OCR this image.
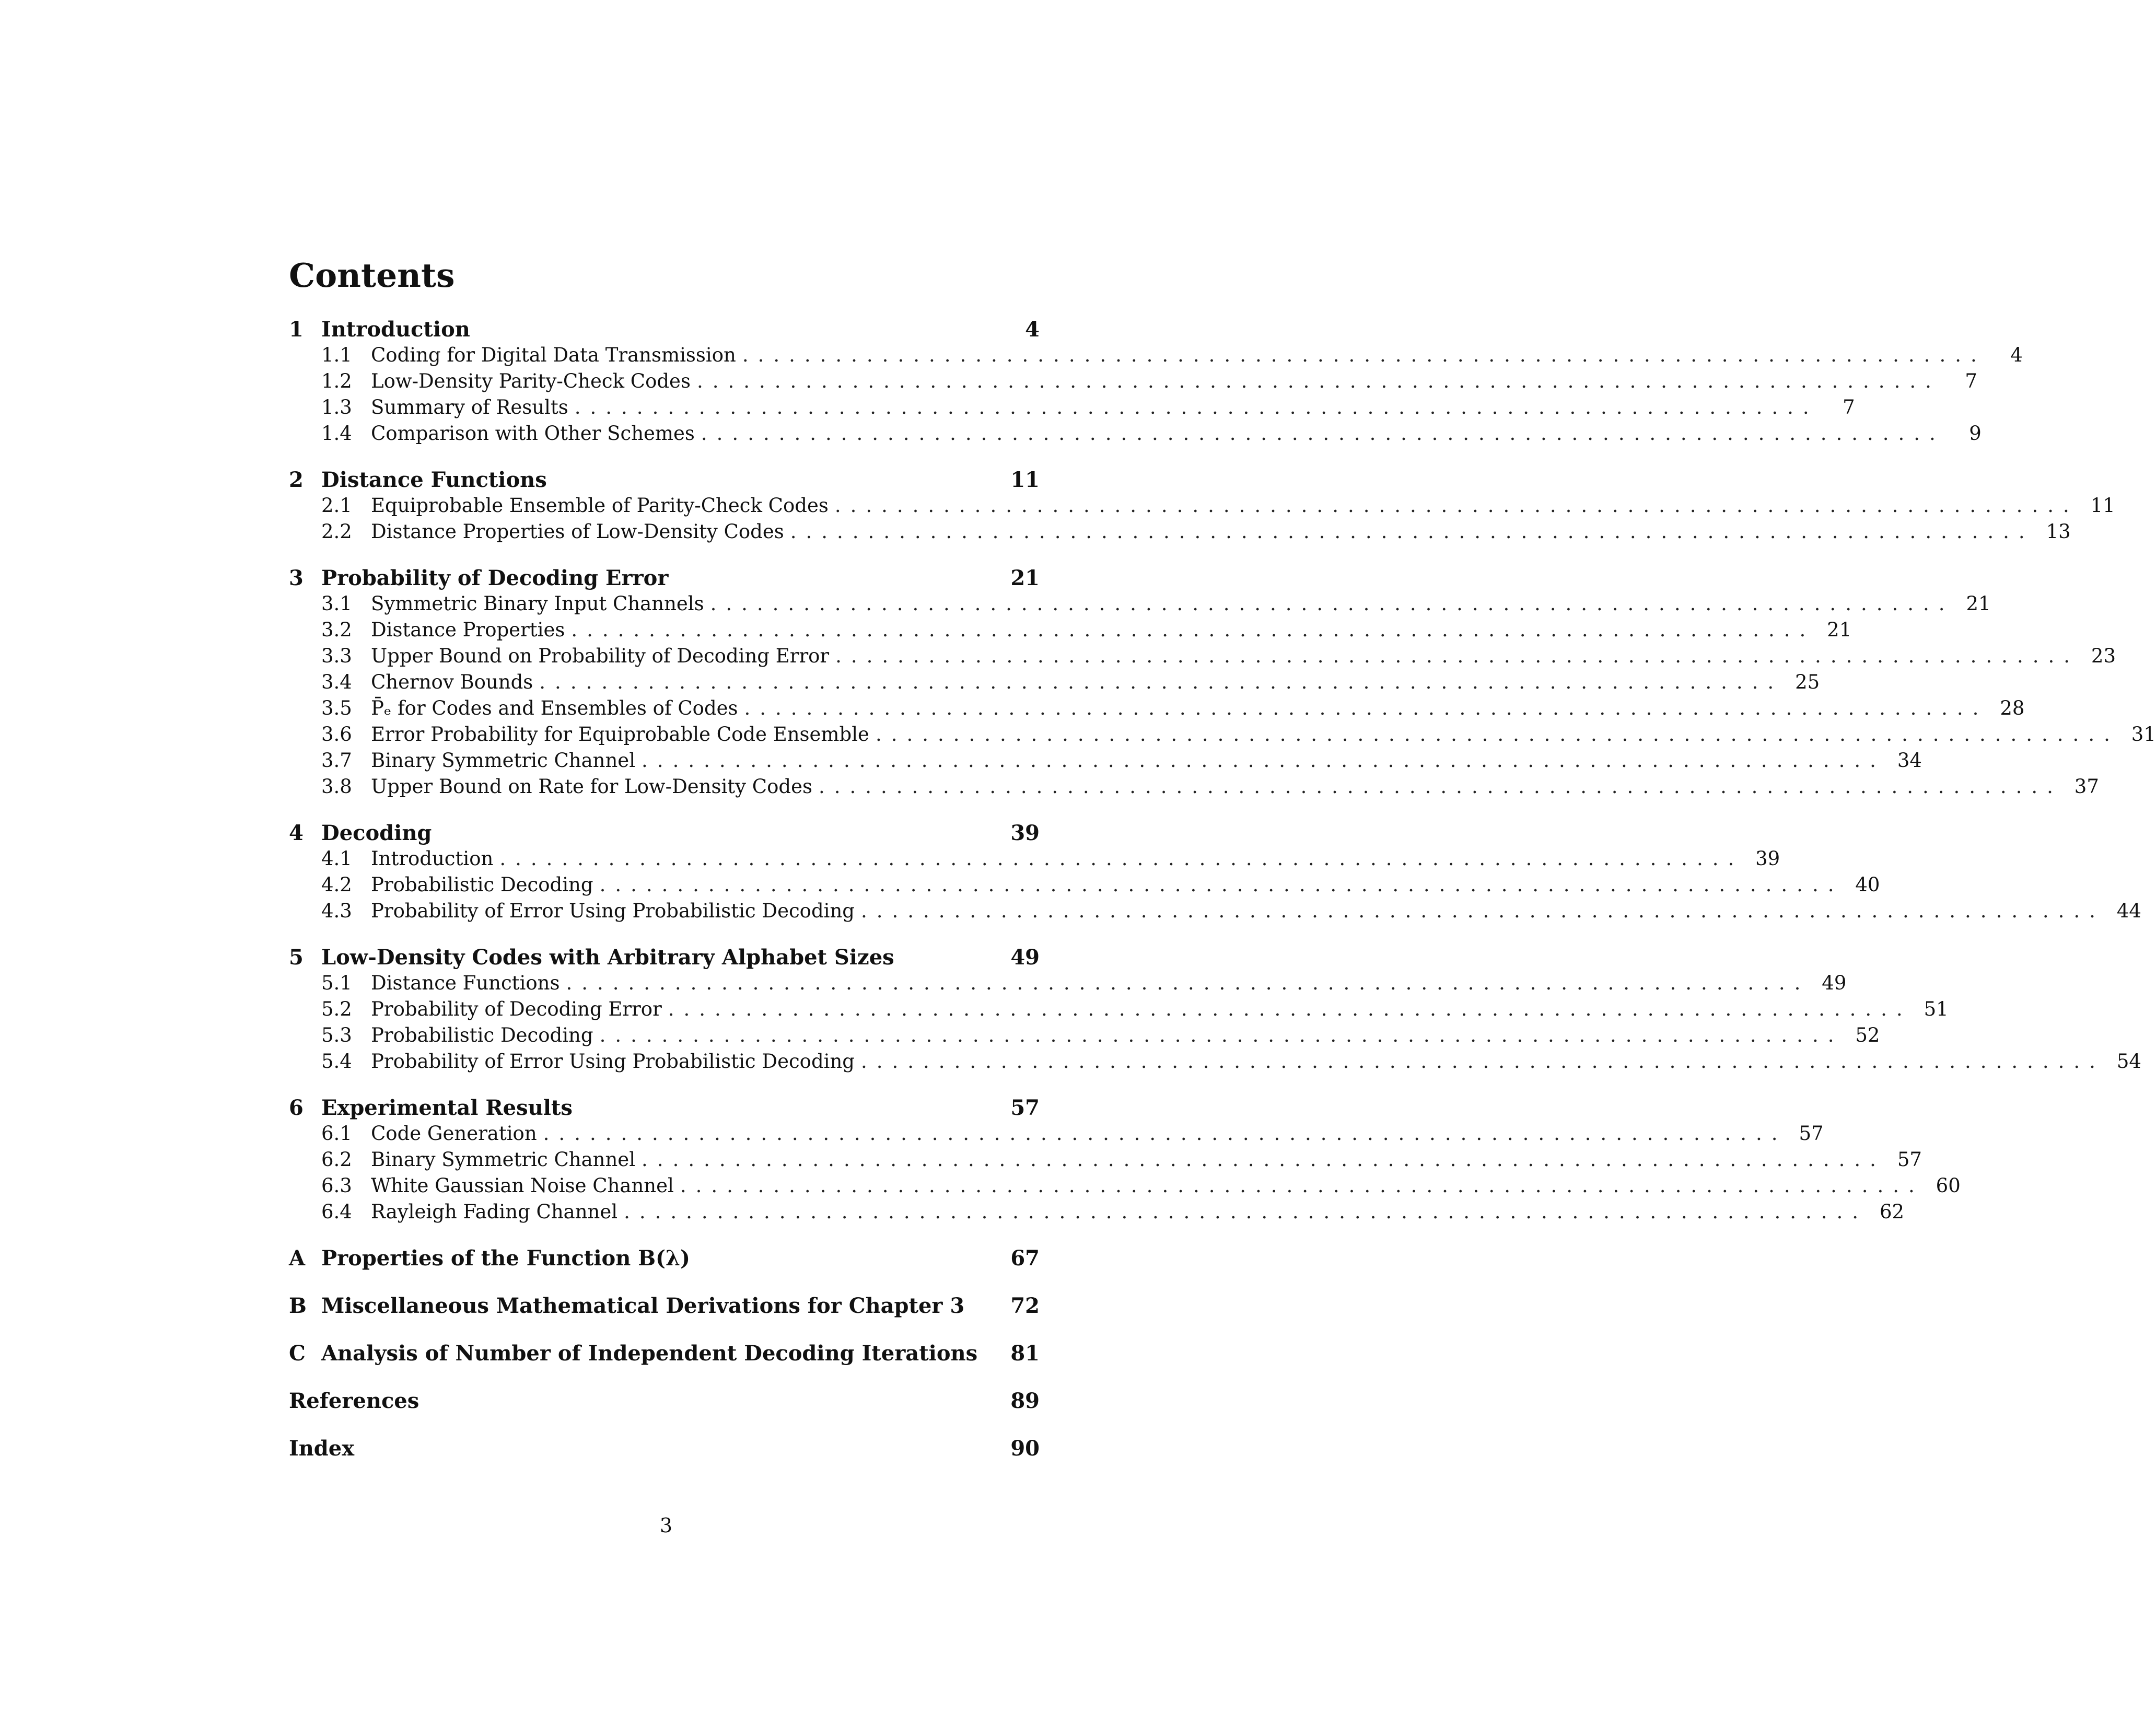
Contents
1 Introduction	4
1.1 Coding for Digital Data Transmission ................................................................................	4
1.2 Low-Density Parity-Check Codes ................................................................................	7
1.3 Summary of Results ................................................................................	7
1.4 Comparison with Other Schemes ................................................................................	9
2 Distance Functions	11
2.1 Equiprobable Ensemble of Parity-Check Codes ................................................................................ 11
2.2 Distance Properties of Low-Density Codes ................................................................................ 13
3 Probability of Decoding Error	21
3.1 Symmetric Binary Input Channels ................................................................................ 21
3.2 Distance Properties ................................................................................ 21
3.3 Upper Bound on Probability of Decoding Error ................................................................................ 23
3.4 Chernov Bounds ................................................................................ 25
3.5 P̄ₑ for Codes and Ensembles of Codes ................................................................................ 28
3.6 Error Probability for Equiprobable Code Ensemble ................................................................................ 31
3.7 Binary Symmetric Channel ................................................................................ 34
3.8 Upper Bound on Rate for Low-Density Codes ................................................................................ 37
4 Decoding	39
4.1 Introduction ................................................................................ 39
4.2 Probabilistic Decoding ................................................................................ 40
4.3 Probability of Error Using Probabilistic Decoding ................................................................................ 44
5 Low-Density Codes with Arbitrary Alphabet Sizes	49
5.1 Distance Functions ................................................................................ 49
5.2 Probability of Decoding Error ................................................................................ 51
5.3 Probabilistic Decoding ................................................................................ 52
5.4 Probability of Error Using Probabilistic Decoding ................................................................................ 54
6 Experimental Results	57
6.1 Code Generation ................................................................................ 57
6.2 Binary Symmetric Channel ................................................................................ 57
6.3 White Gaussian Noise Channel ................................................................................ 60
6.4 Rayleigh Fading Channel ................................................................................ 62
A Properties of the Function B(λ)	67
B Miscellaneous Mathematical Derivations for Chapter 3	72
C Analysis of Number of Independent Decoding Iterations	81
References	89
Index	90
3
